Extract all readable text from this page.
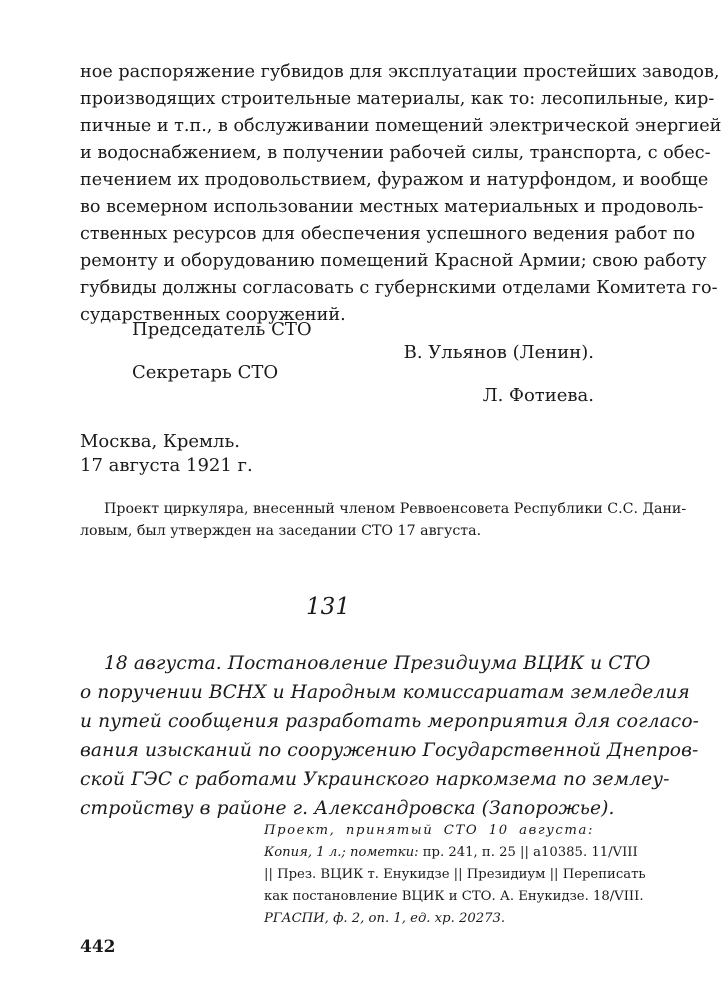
ное распоряжение губвидов для эксплуатации простейших заводов,
производящих строительные материалы, как то: лесопильные, кир-
пичные и т.п., в обслуживании помещений электрической энергией
и водоснабжением, в получении рабочей силы, транспорта, с обес-
печением их продовольствием, фуражом и натурфондом, и вообще
во всемерном использовании местных материальных и продоволь-
ственных ресурсов для обеспечения успешного ведения работ по
ремонту и оборудованию помещений Красной Армии; свою работу
губвиды должны согласовать с губернскими отделами Комитета го-
сударственных сооружений.
Председатель СТО
В. Ульянов (Ленин).
Секретарь СТО
Л. Фотиева.
Москва, Кремль.
17 августа 1921 г.
Проект циркуляра, внесенный членом Реввоенсовета Республики С.С. Дани-
ловым, был утвержден на заседании СТО 17 августа.
131
18 августа. Постановление Президиума ВЦИК и СТО
о поручении ВСНХ и Народным комиссариатам земледелия
и путей сообщения разработать мероприятия для согласо-
вания изысканий по сооружению Государственной Днепров-
ской ГЭС с работами Украинского наркомзема по землеу-
стройству в районе г. Александровска (Запорожье).
Проект, принятый СТО 10 августа:
Копия, 1 л.; пометки: пр. 241, п. 25 || а10385. 11/VIII
|| През. ВЦИК т. Енукидзе || Президиум || Переписать
как постановление ВЦИК и СТО. А. Енукидзе. 18/VIII.
РГАСПИ, ф. 2, оп. 1, ед. хр. 20273.
442
